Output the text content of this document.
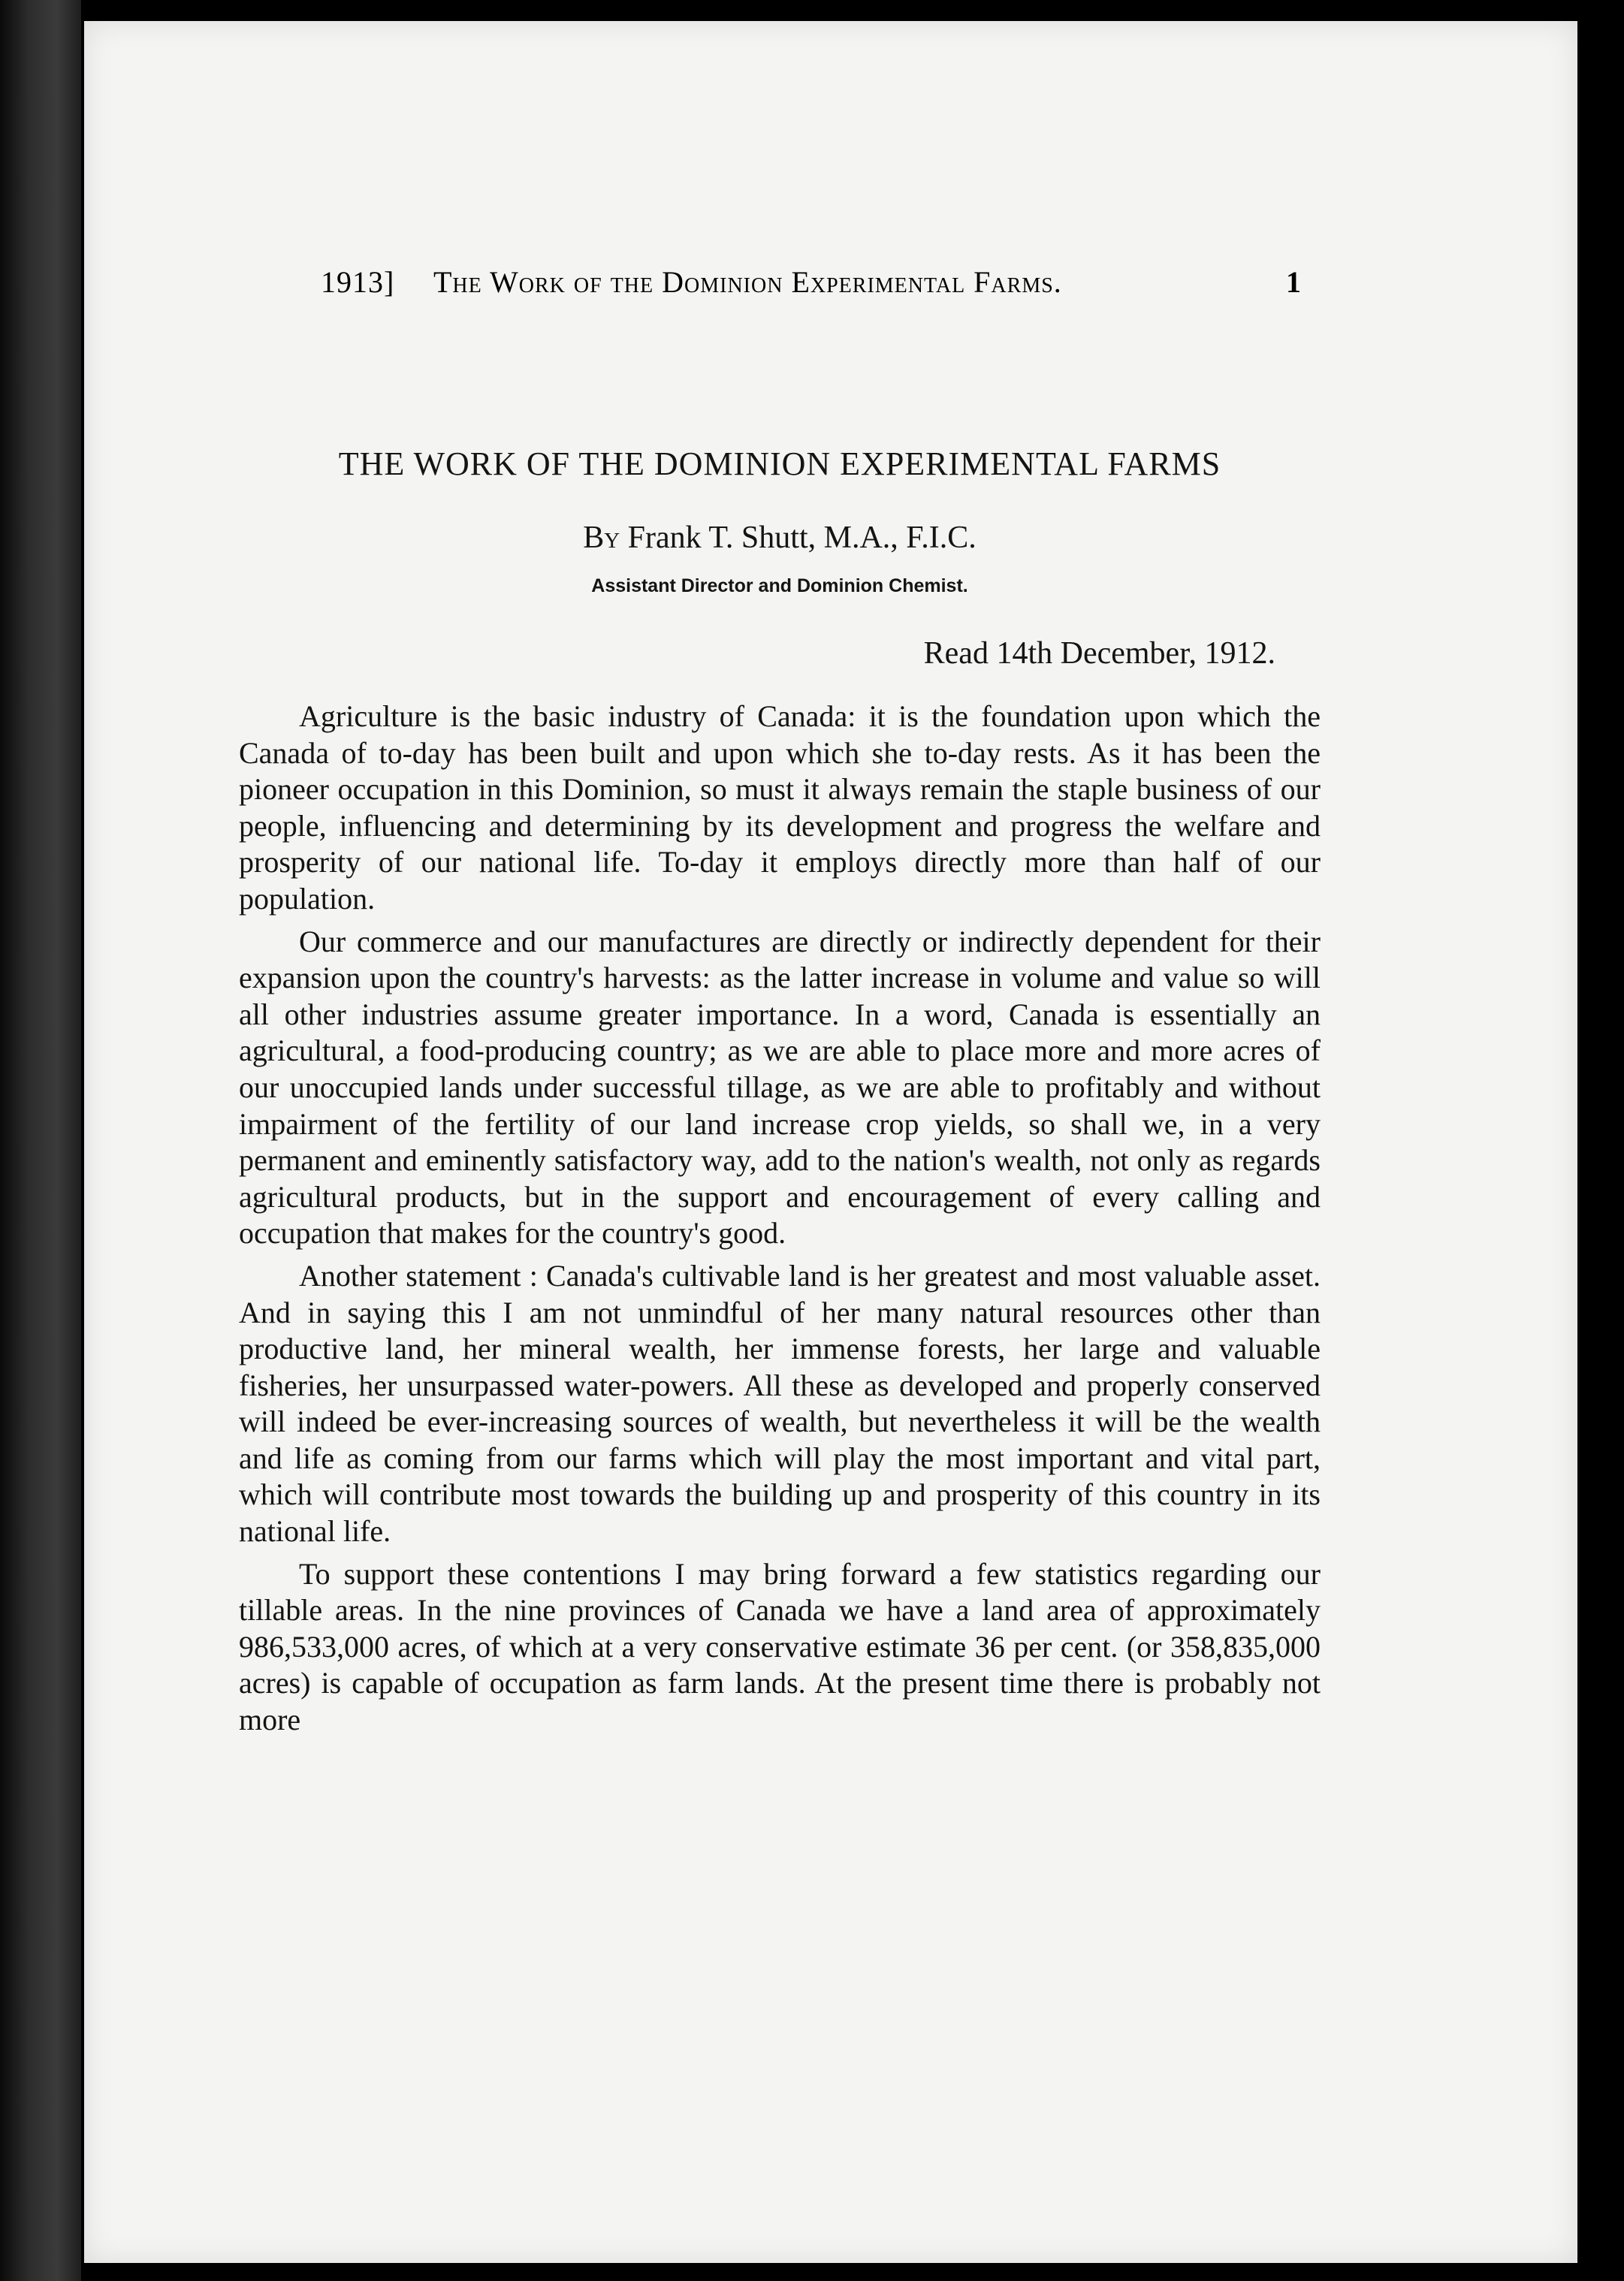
1913] The Work of the Dominion Experimental Farms.	1
THE WORK OF THE DOMINION EXPERIMENTAL FARMS
By Frank T. Shutt, M.A., F.I.C.
Assistant Director and Dominion Chemist.
Read 14th December, 1912.

Agriculture is the basic industry of Canada: it is the foundation upon which the Canada of to-day has been built and upon which she to-day rests. As it has been the pioneer occupation in this Dominion, so must it always remain the staple business of our people, influencing and determining by its development and progress the welfare and prosperity of our national life. To-day it employs directly more than half of our population.

Our commerce and our manufactures are directly or indirectly dependent for their expansion upon the country's harvests: as the latter increase in volume and value so will all other industries assume greater importance. In a word, Canada is essentially an agricultural, a food-producing country; as we are able to place more and more acres of our unoccupied lands under successful tillage, as we are able to profitably and without impairment of the fertility of our land increase crop yields, so shall we, in a very permanent and eminently satisfactory way, add to the nation's wealth, not only as regards agricultural products, but in the support and encouragement of every calling and occupation that makes for the country's good.

Another statement : Canada's cultivable land is her greatest and most valuable asset. And in saying this I am not unmindful of her many natural resources other than productive land, her mineral wealth, her immense forests, her large and valuable fisheries, her unsurpassed water-powers. All these as developed and properly conserved will indeed be ever-increasing sources of wealth, but nevertheless it will be the wealth and life as coming from our farms which will play the most important and vital part, which will contribute most towards the building up and prosperity of this country in its national life.

To support these contentions I may bring forward a few statistics regarding our tillable areas. In the nine provinces of Canada we have a land area of approximately 986,533,000 acres, of which at a very conservative estimate 36 per cent. (or 358,835,000 acres) is capable of occupation as farm lands. At the present time there is probably not more
